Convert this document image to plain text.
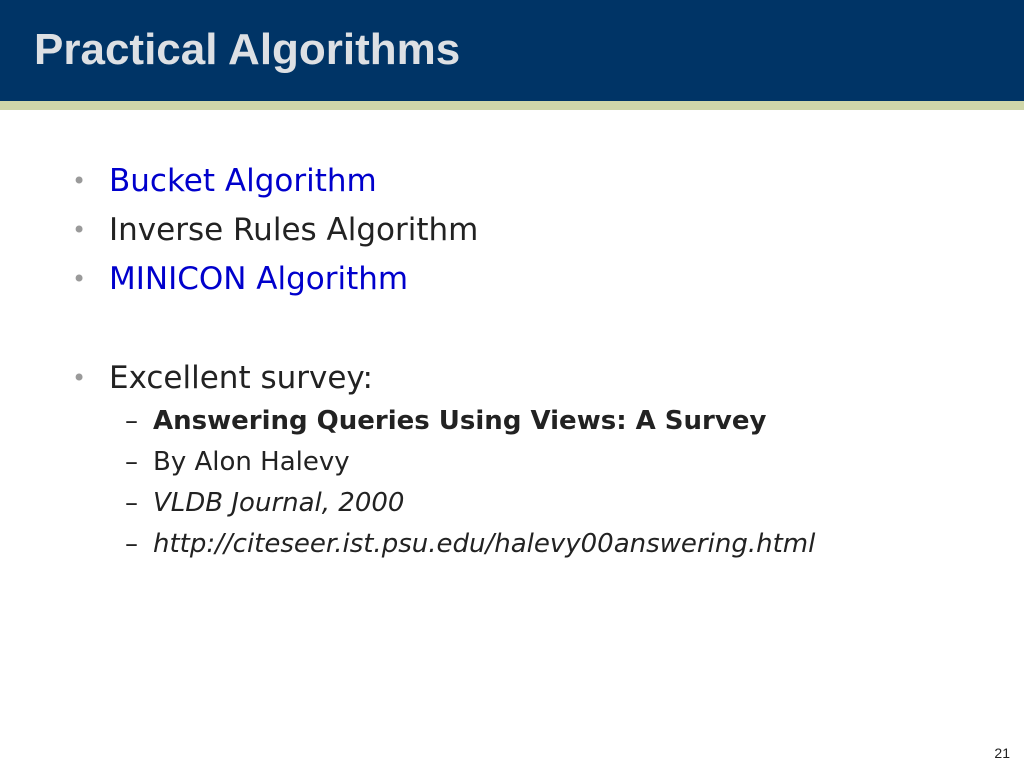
Practical Algorithms
• Bucket Algorithm
• Inverse Rules Algorithm
• MINICON Algorithm
• Excellent survey:
– Answering Queries Using Views: A Survey
– By Alon Halevy
– VLDB Journal, 2000
– http://citeseer.ist.psu.edu/halevy00answering.html
21
